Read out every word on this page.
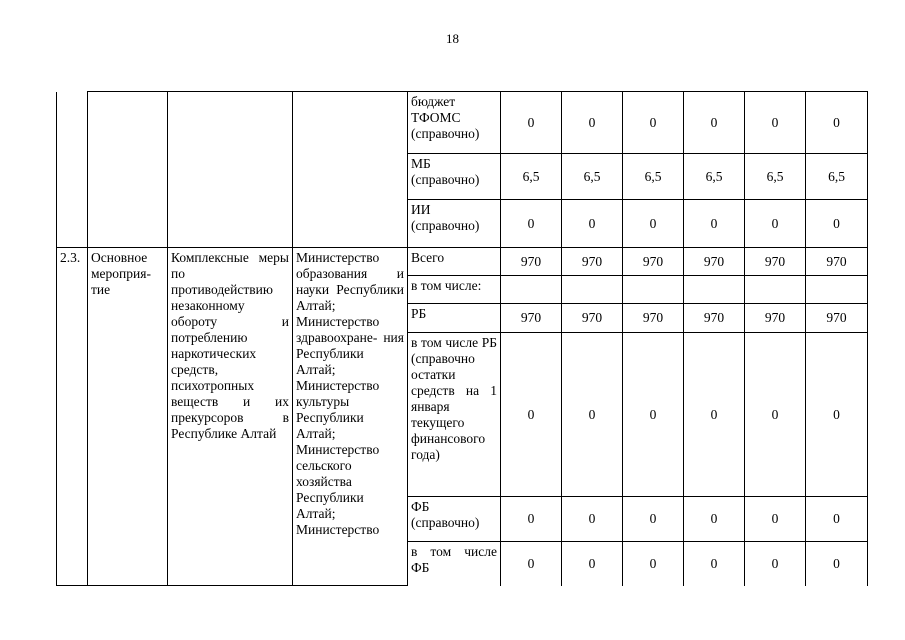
18
				бюджет ТФОМС (справочно)	0	0	0	0	0	0
				МБ (справочно)	6,5	6,5	6,5	6,5	6,5	6,5
				ИИ (справочно)	0	0	0	0	0	0
2.3.	Основное мероприя- тие	Комплексные меры по противодействию незаконному обороту и потреблению наркотических средств, психотропных веществ и их прекурсоров в Республике Алтай	Министерство образования и науки Республики Алтай; Министерство здравоохране- ния Республики Алтай; Министерство культуры Республики Алтай; Министерство сельского хозяйства Республики Алтай; Министерство	Всего	970	970	970	970	970	970
				в том числе:						
				РБ	970	970	970	970	970	970

				в том числе РБ (справочно остатки средств на 1 января текущего финансового года)	0	0	0	0	0	0
				ФБ (справочно)	0	0	0	0	0	0

				в том числе ФБ	0	0	0	0	0	0
